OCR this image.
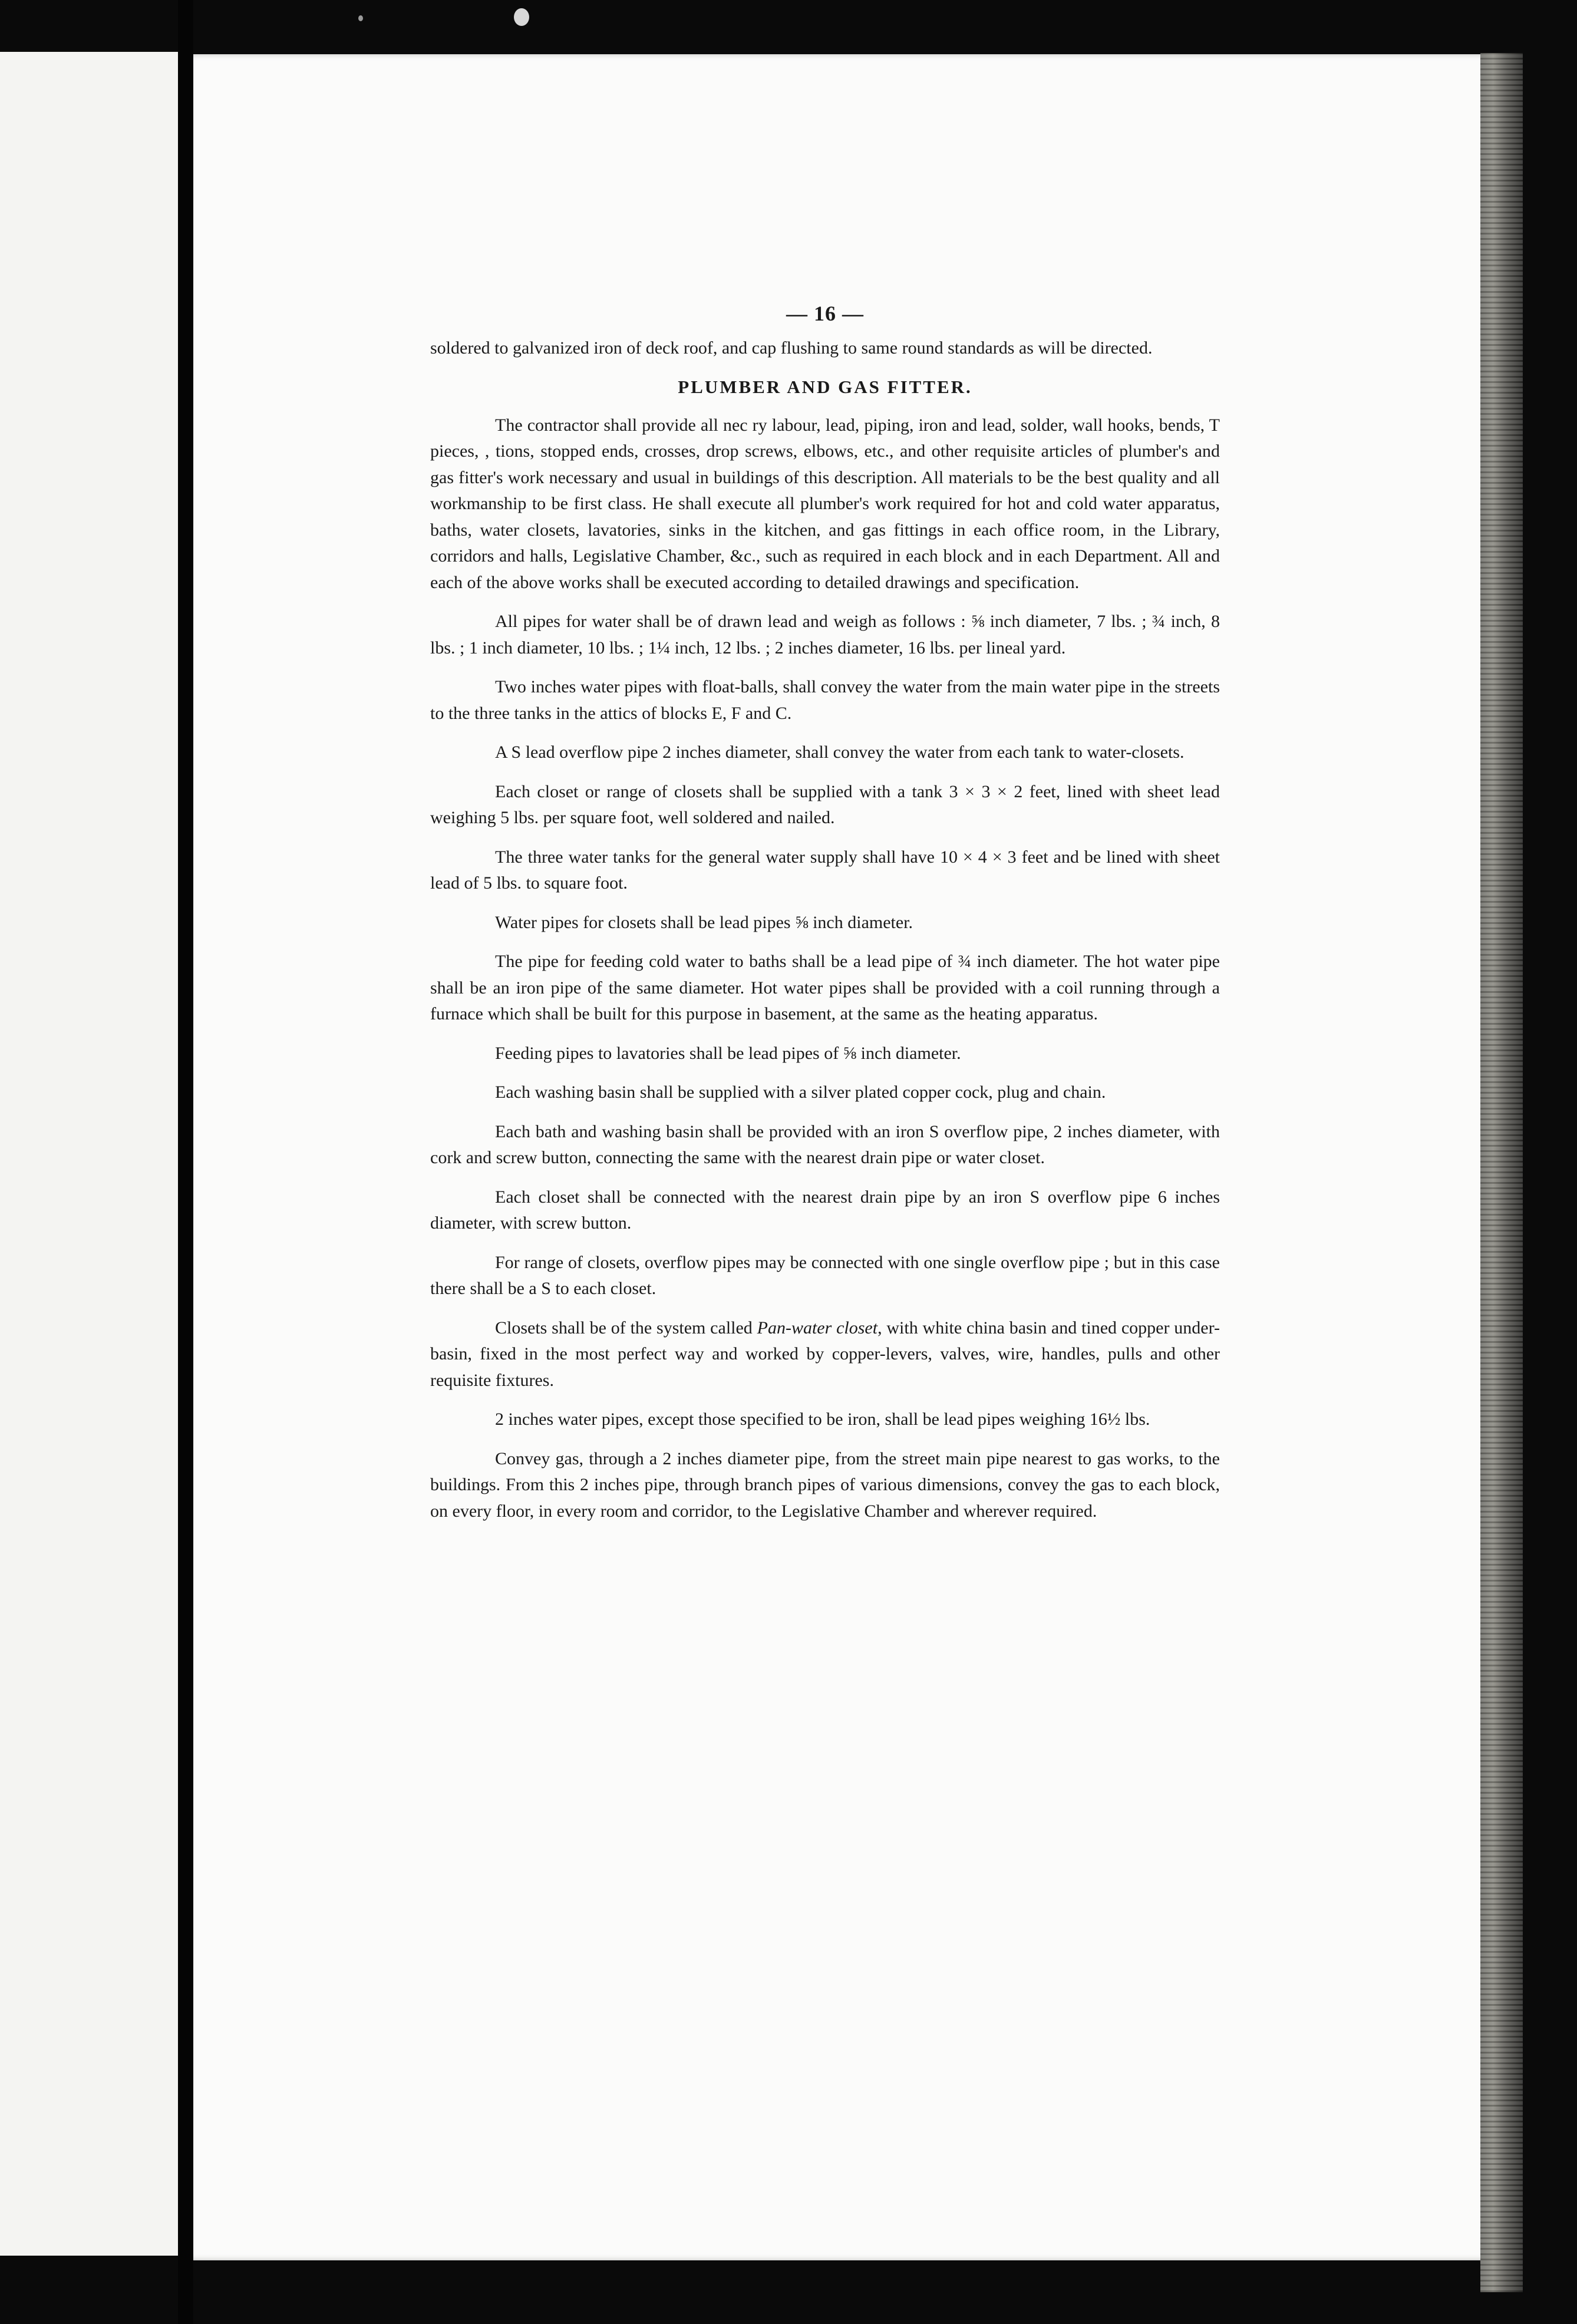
— 16 —

soldered to galvanized iron of deck roof, and cap flushing to same round standards as will be directed.

PLUMBER AND GAS FITTER.

The contractor shall provide all nec ry labour, lead, piping, iron and lead, solder, wall hooks, bends, T pieces, , tions, stopped ends, crosses, drop screws, elbows, etc., and other requisite articles of plumber's and gas fitter's work necessary and usual in buildings of this description. All materials to be the best quality and all workmanship to be first class. He shall execute all plumber's work required for hot and cold water apparatus, baths, water closets, lavatories, sinks in the kitchen, and gas fittings in each office room, in the Library, corridors and halls, Legislative Chamber, &c., such as required in each block and in each Department. All and each of the above works shall be executed according to detailed drawings and specification.

All pipes for water shall be of drawn lead and weigh as follows : ⅝ inch diameter, 7 lbs. ; ¾ inch, 8 lbs. ; 1 inch diameter, 10 lbs. ; 1¼ inch, 12 lbs. ; 2 inches diameter, 16 lbs. per lineal yard.

Two inches water pipes with float-balls, shall convey the water from the main water pipe in the streets to the three tanks in the attics of blocks E, F and C.

A S lead overflow pipe 2 inches diameter, shall convey the water from each tank to water-closets.

Each closet or range of closets shall be supplied with a tank 3 × 3 × 2 feet, lined with sheet lead weighing 5 lbs. per square foot, well soldered and nailed.

The three water tanks for the general water supply shall have 10 × 4 × 3 feet and be lined with sheet lead of 5 lbs. to square foot.

Water pipes for closets shall be lead pipes ⅝ inch diameter.

The pipe for feeding cold water to baths shall be a lead pipe of ¾ inch diameter. The hot water pipe shall be an iron pipe of the same diameter. Hot water pipes shall be provided with a coil running through a furnace which shall be built for this purpose in basement, at the same as the heating apparatus.

Feeding pipes to lavatories shall be lead pipes of ⅝ inch diameter.

Each washing basin shall be supplied with a silver plated copper cock, plug and chain.

Each bath and washing basin shall be provided with an iron S overflow pipe, 2 inches diameter, with cork and screw button, connecting the same with the nearest drain pipe or water closet.

Each closet shall be connected with the nearest drain pipe by an iron S overflow pipe 6 inches diameter, with screw button.

For range of closets, overflow pipes may be connected with one single overflow pipe ; but in this case there shall be a S to each closet.

Closets shall be of the system called Pan-water closet, with white china basin and tined copper under-basin, fixed in the most perfect way and worked by copper-levers, valves, wire, handles, pulls and other requisite fixtures.

2 inches water pipes, except those specified to be iron, shall be lead pipes weighing 16½ lbs.

Convey gas, through a 2 inches diameter pipe, from the street main pipe nearest to gas works, to the buildings. From this 2 inches pipe, through branch pipes of various dimensions, convey the gas to each block, on every floor, in every room and corridor, to the Legislative Chamber and wherever required.
